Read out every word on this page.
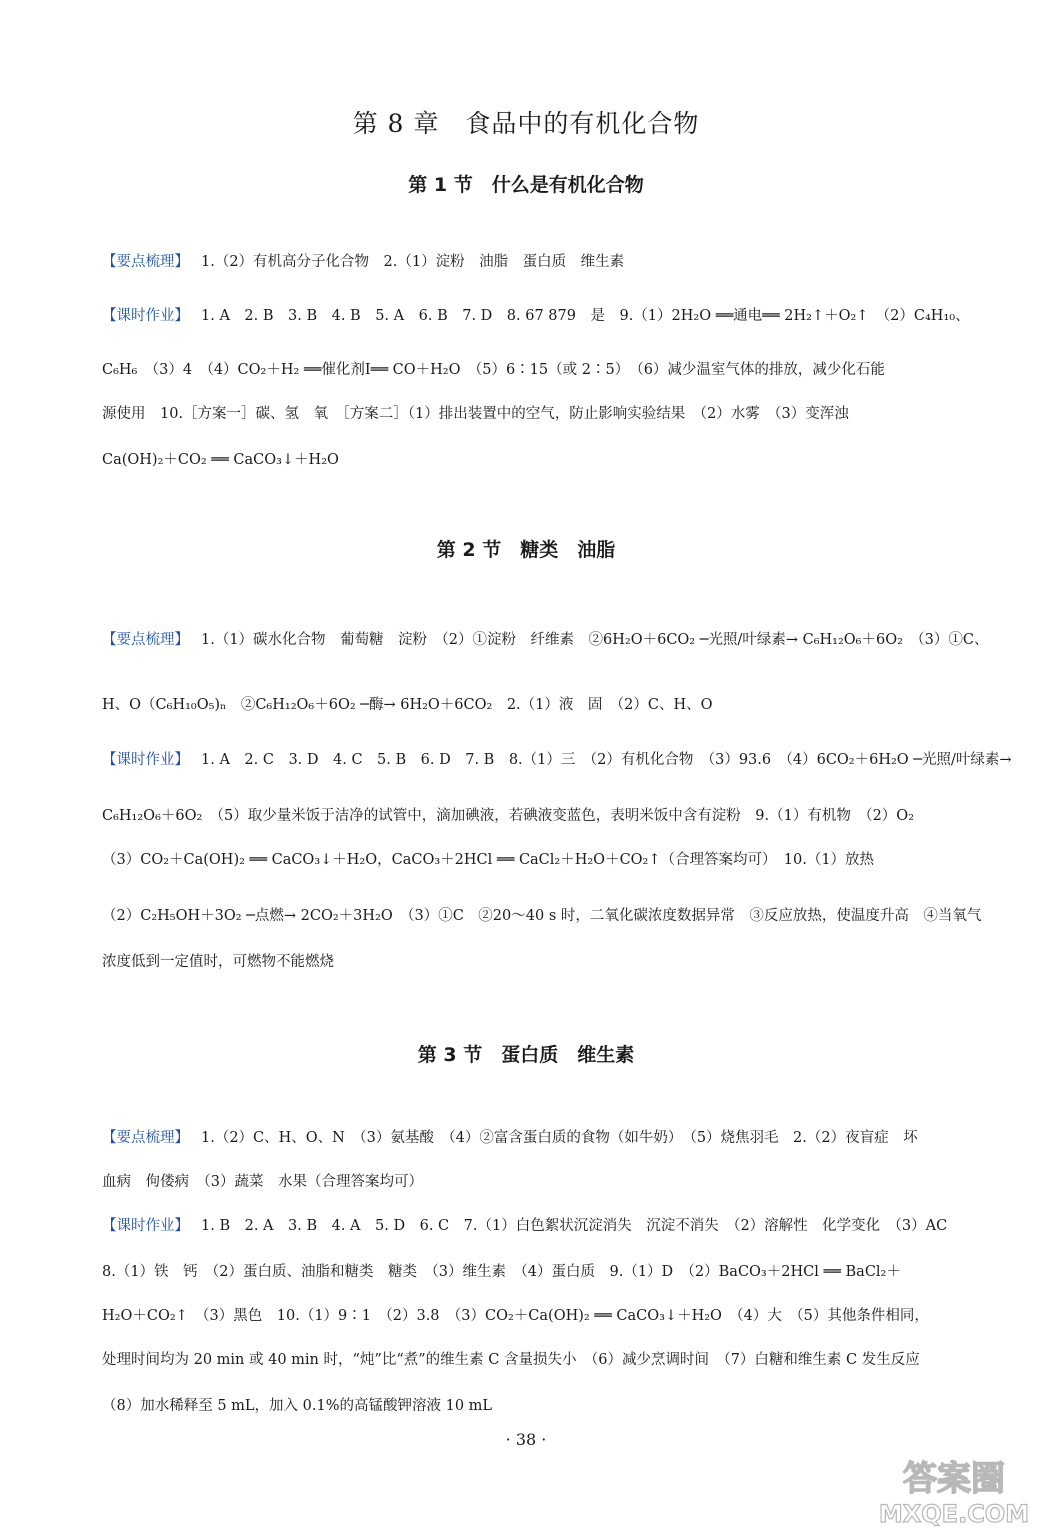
第 8 章　食品中的有机化合物
第 1 节　什么是有机化合物
【要点梳理】 1.（2）有机高分子化合物　2.（1）淀粉　油脂　蛋白质　维生素
【课时作业】 1. A　2. B　3. B　4. B　5. A　6. B　7. D　8. 67 879　是　9.（1）2H₂O ══通电══ 2H₂↑＋O₂↑　（2）C₄H₁₀、
C₆H₆　（3）4　（4）CO₂＋H₂ ══催化剂Ⅰ══ CO＋H₂O　（5）6∶15（或 2∶5）　（6）减少温室气体的排放，减少化石能
源使用　10.［方案一］碳、氢　氧　［方案二］（1）排出装置中的空气，防止影响实验结果　（2）水雾　（3）变浑浊
Ca(OH)₂＋CO₂ ══ CaCO₃↓＋H₂O
第 2 节　糖类　油脂
【要点梳理】 1.（1）碳水化合物　葡萄糖　淀粉　（2）①淀粉　纤维素　②6H₂O＋6CO₂ ─光照/叶绿素→ C₆H₁₂O₆＋6O₂　（3）①C、
H、O（C₆H₁₀O₅)ₙ　②C₆H₁₂O₆＋6O₂ ─酶→ 6H₂O＋6CO₂　2.（1）液　固　（2）C、H、O
【课时作业】 1. A　2. C　3. D　4. C　5. B　6. D　7. B　8.（1）三　（2）有机化合物　（3）93.6　（4）6CO₂＋6H₂O ─光照/叶绿素→
C₆H₁₂O₆＋6O₂　（5）取少量米饭于洁净的试管中，滴加碘液，若碘液变蓝色，表明米饭中含有淀粉　9.（1）有机物　（2）O₂
（3）CO₂＋Ca(OH)₂ ══ CaCO₃↓＋H₂O，CaCO₃＋2HCl ══ CaCl₂＋H₂O＋CO₂↑（合理答案均可）　10.（1）放热
（2）C₂H₅OH＋3O₂ ─点燃→ 2CO₂＋3H₂O　（3）①C　②20～40 s 时，二氧化碳浓度数据异常　③反应放热，使温度升高　④当氧气
浓度低到一定值时，可燃物不能燃烧
第 3 节　蛋白质　维生素
【要点梳理】 1.（2）C、H、O、N　（3）氨基酸　（4）②富含蛋白质的食物（如牛奶）　（5）烧焦羽毛　2.（2）夜盲症　坏
血病　佝偻病　（3）蔬菜　水果（合理答案均可）
【课时作业】 1. B　2. A　3. B　4. A　5. D　6. C　7.（1）白色絮状沉淀消失　沉淀不消失　（2）溶解性　化学变化　（3）AC
8.（1）铁　钙　（2）蛋白质、油脂和糖类　糖类　（3）维生素　（4）蛋白质　9.（1）D　（2）BaCO₃＋2HCl ══ BaCl₂＋
H₂O＋CO₂↑　（3）黑色　10.（1）9∶1　（2）3.8　（3）CO₂＋Ca(OH)₂ ══ CaCO₃↓＋H₂O　（4）大　（5）其他条件相同，
处理时间均为 20 min 或 40 min 时，“炖”比“煮”的维生素 C 含量损失小　（6）减少烹调时间　（7）白糖和维生素 C 发生反应
（8）加水稀释至 5 mL，加入 0.1%的高锰酸钾溶液 10 mL
· 38 ·
答案圈
MXQE.COM
